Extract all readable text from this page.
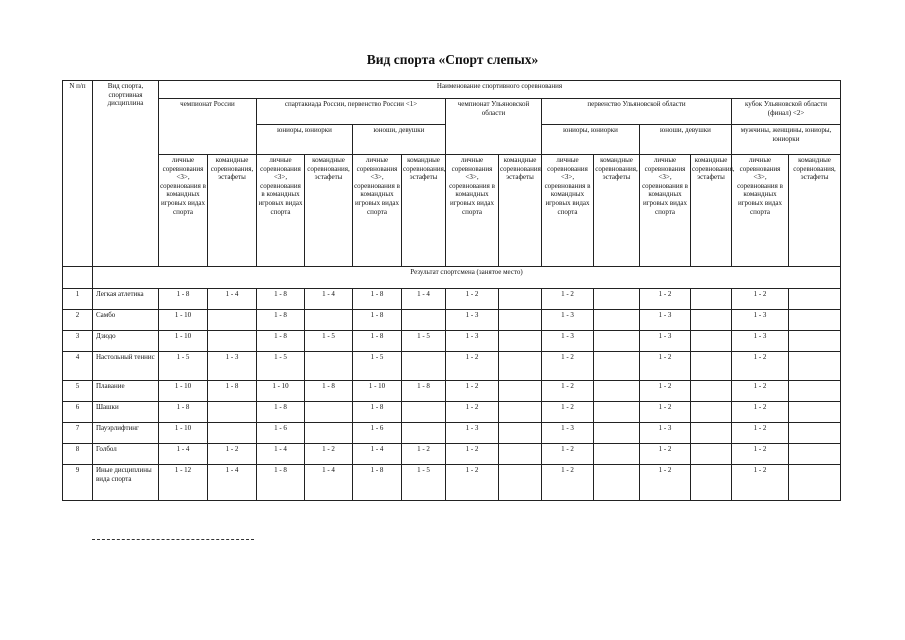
Вид спорта «Спорт слепых»
N п/п	Вид спорта, спортивная дисциплина	Наименование спортивного соревнования													
		чемпионат России		спартакиада России, первенство России <1>				чемпионат Ульяновской области		первенство Ульяновской области				кубок Ульяновской области (финал) <2>	
				юниоры, юниорки		юноши, девушки				юниоры, юниорки		юноши, девушки		мужчины, женщины, юниоры, юниорки	
		личные соревнования <3>, соревнования в командных игровых видах спорта	командные соревнования, эстафеты	личные соревнования <3>, соревнования в командных игровых видах спорта	командные соревнования, эстафеты	личные соревнования <3>, соревнования в командных игровых видах спорта	командные соревнования, эстафеты	личные соревнования <3>, соревнования в командных игровых видах спорта	командные соревнования, эстафеты	личные соревнования <3>, соревнования в командных игровых видах спорта	командные соревнования, эстафеты	личные соревнования <3>, соревнования в командных игровых видах спорта	командные соревнования, эстафеты	личные соревнования <3>, соревнования в командных игровых видах спорта	командные соревнования, эстафеты
	Результат спортсмена (занятое место)														
1	Легкая атлетика	1 - 8	1 - 4	1 - 8	1 - 4	1 - 8	1 - 4	1 - 2		1 - 2		1 - 2		1 - 2	
2	Самбо	1 - 10		1 - 8		1 - 8		1 - 3		1 - 3		1 - 3		1 - 3	
3	Дзюдо	1 - 10		1 - 8	1 - 5	1 - 8	1 - 5	1 - 3		1 - 3		1 - 3		1 - 3	
4	Настольный теннис	1 - 5	1 - 3	1 - 5		1 - 5		1 - 2		1 - 2		1 - 2		1 - 2	
5	Плавание	1 - 10	1 - 8	1 - 10	1 - 8	1 - 10	1 - 8	1 - 2		1 - 2		1 - 2		1 - 2	
6	Шашки	1 - 8		1 - 8		1 - 8		1 - 2		1 - 2		1 - 2		1 - 2	
7	Пауэрлифтинг	1 - 10		1 - 6		1 - 6		1 - 3		1 - 3		1 - 3		1 - 2	
8	Голбол	1 - 4	1 - 2	1 - 4	1 - 2	1 - 4	1 - 2	1 - 2		1 - 2		1 - 2		1 - 2	
9	Иные дисциплины вида спорта	1 - 12	1 - 4	1 - 8	1 - 4	1 - 8	1 - 5	1 - 2		1 - 2		1 - 2		1 - 2	
